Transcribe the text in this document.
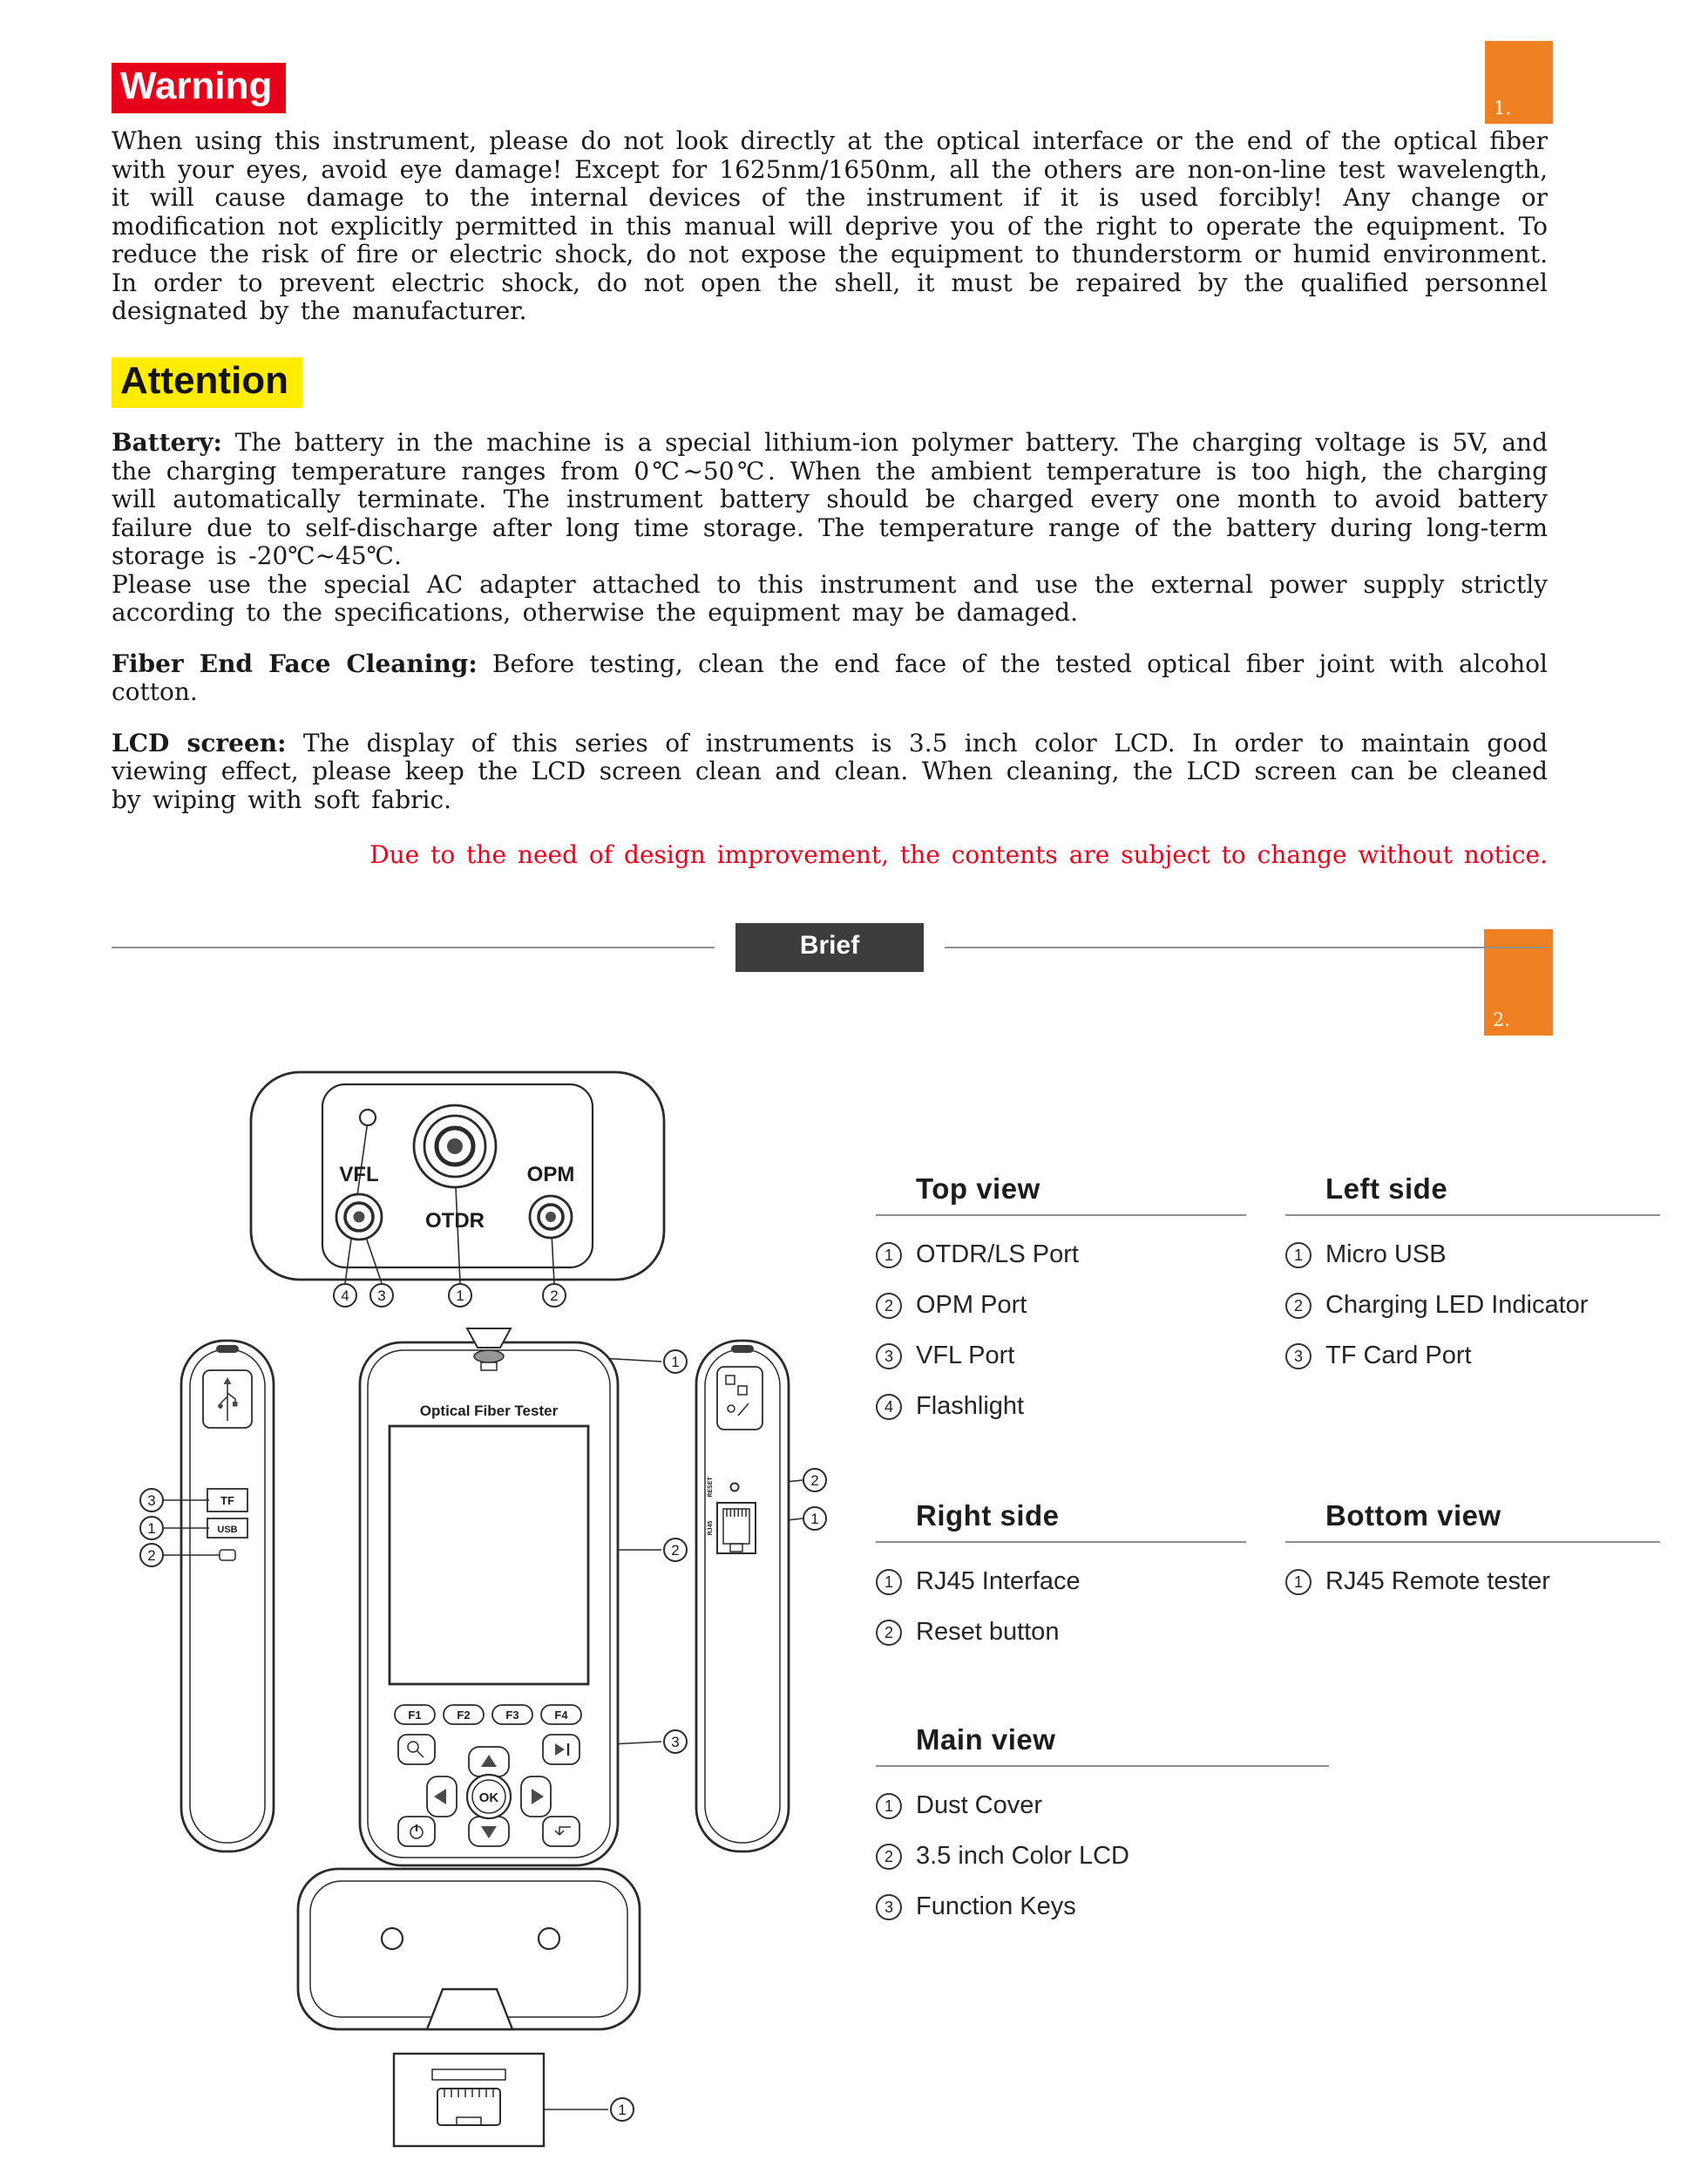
1.
2.
Warning

When using this instrument, please do not look directly at the optical interface or the end of the optical fiber with your eyes, avoid eye damage! Except for 1625nm/1650nm, all the others are non-on-line test wavelength, it will cause damage to the internal devices of the instrument if it is used forcibly! Any change or modification not explicitly permitted in this manual will deprive you of the right to operate the equipment. To reduce the risk of fire or electric shock, do not expose the equipment to thunderstorm or humid environment. In order to prevent electric shock, do not open the shell, it must be repaired by the qualified personnel designated by the manufacturer.

Attention

Battery: The battery in the machine is a special lithium-ion polymer battery. The charging voltage is 5V, and the charging temperature ranges from 0℃~50℃. When the ambient temperature is too high, the charging will automatically terminate. The instrument battery should be charged every one month to avoid battery failure due to self-discharge after long time storage. The temperature range of the battery during long-term storage is -20℃~45℃.

Please use the special AC adapter attached to this instrument and use the external power supply strictly according to the specifications, otherwise the equipment may be damaged.

Fiber End Face Cleaning: Before testing, clean the end face of the tested optical fiber joint with alcohol cotton.

LCD screen: The display of this series of instruments is 3.5 inch color LCD. In order to maintain good viewing effect, please keep the LCD screen clean and clean. When cleaning, the LCD screen can be cleaned by wiping with soft fabric.

Due to the need of design improvement, the contents are subject to change without notice.
Brief
VFL
OTDR
OPM
4 3	1	2
TF
USB
3
1
2
Optical Fiber Tester
F1	F2	F3	F4
OK
1
2
3
RESET
RJ45
2
1
1
Top view
1 OTDR/LS Port
2 OPM Port
3 VFL Port
4 Flashlight
Left side
1 Micro USB
2 Charging LED Indicator
3 TF Card Port
Right side
1 RJ45 Interface
2 Reset button
Bottom view
1 RJ45 Remote tester
Main view
1 Dust Cover
2 3.5 inch Color LCD
3 Function Keys
